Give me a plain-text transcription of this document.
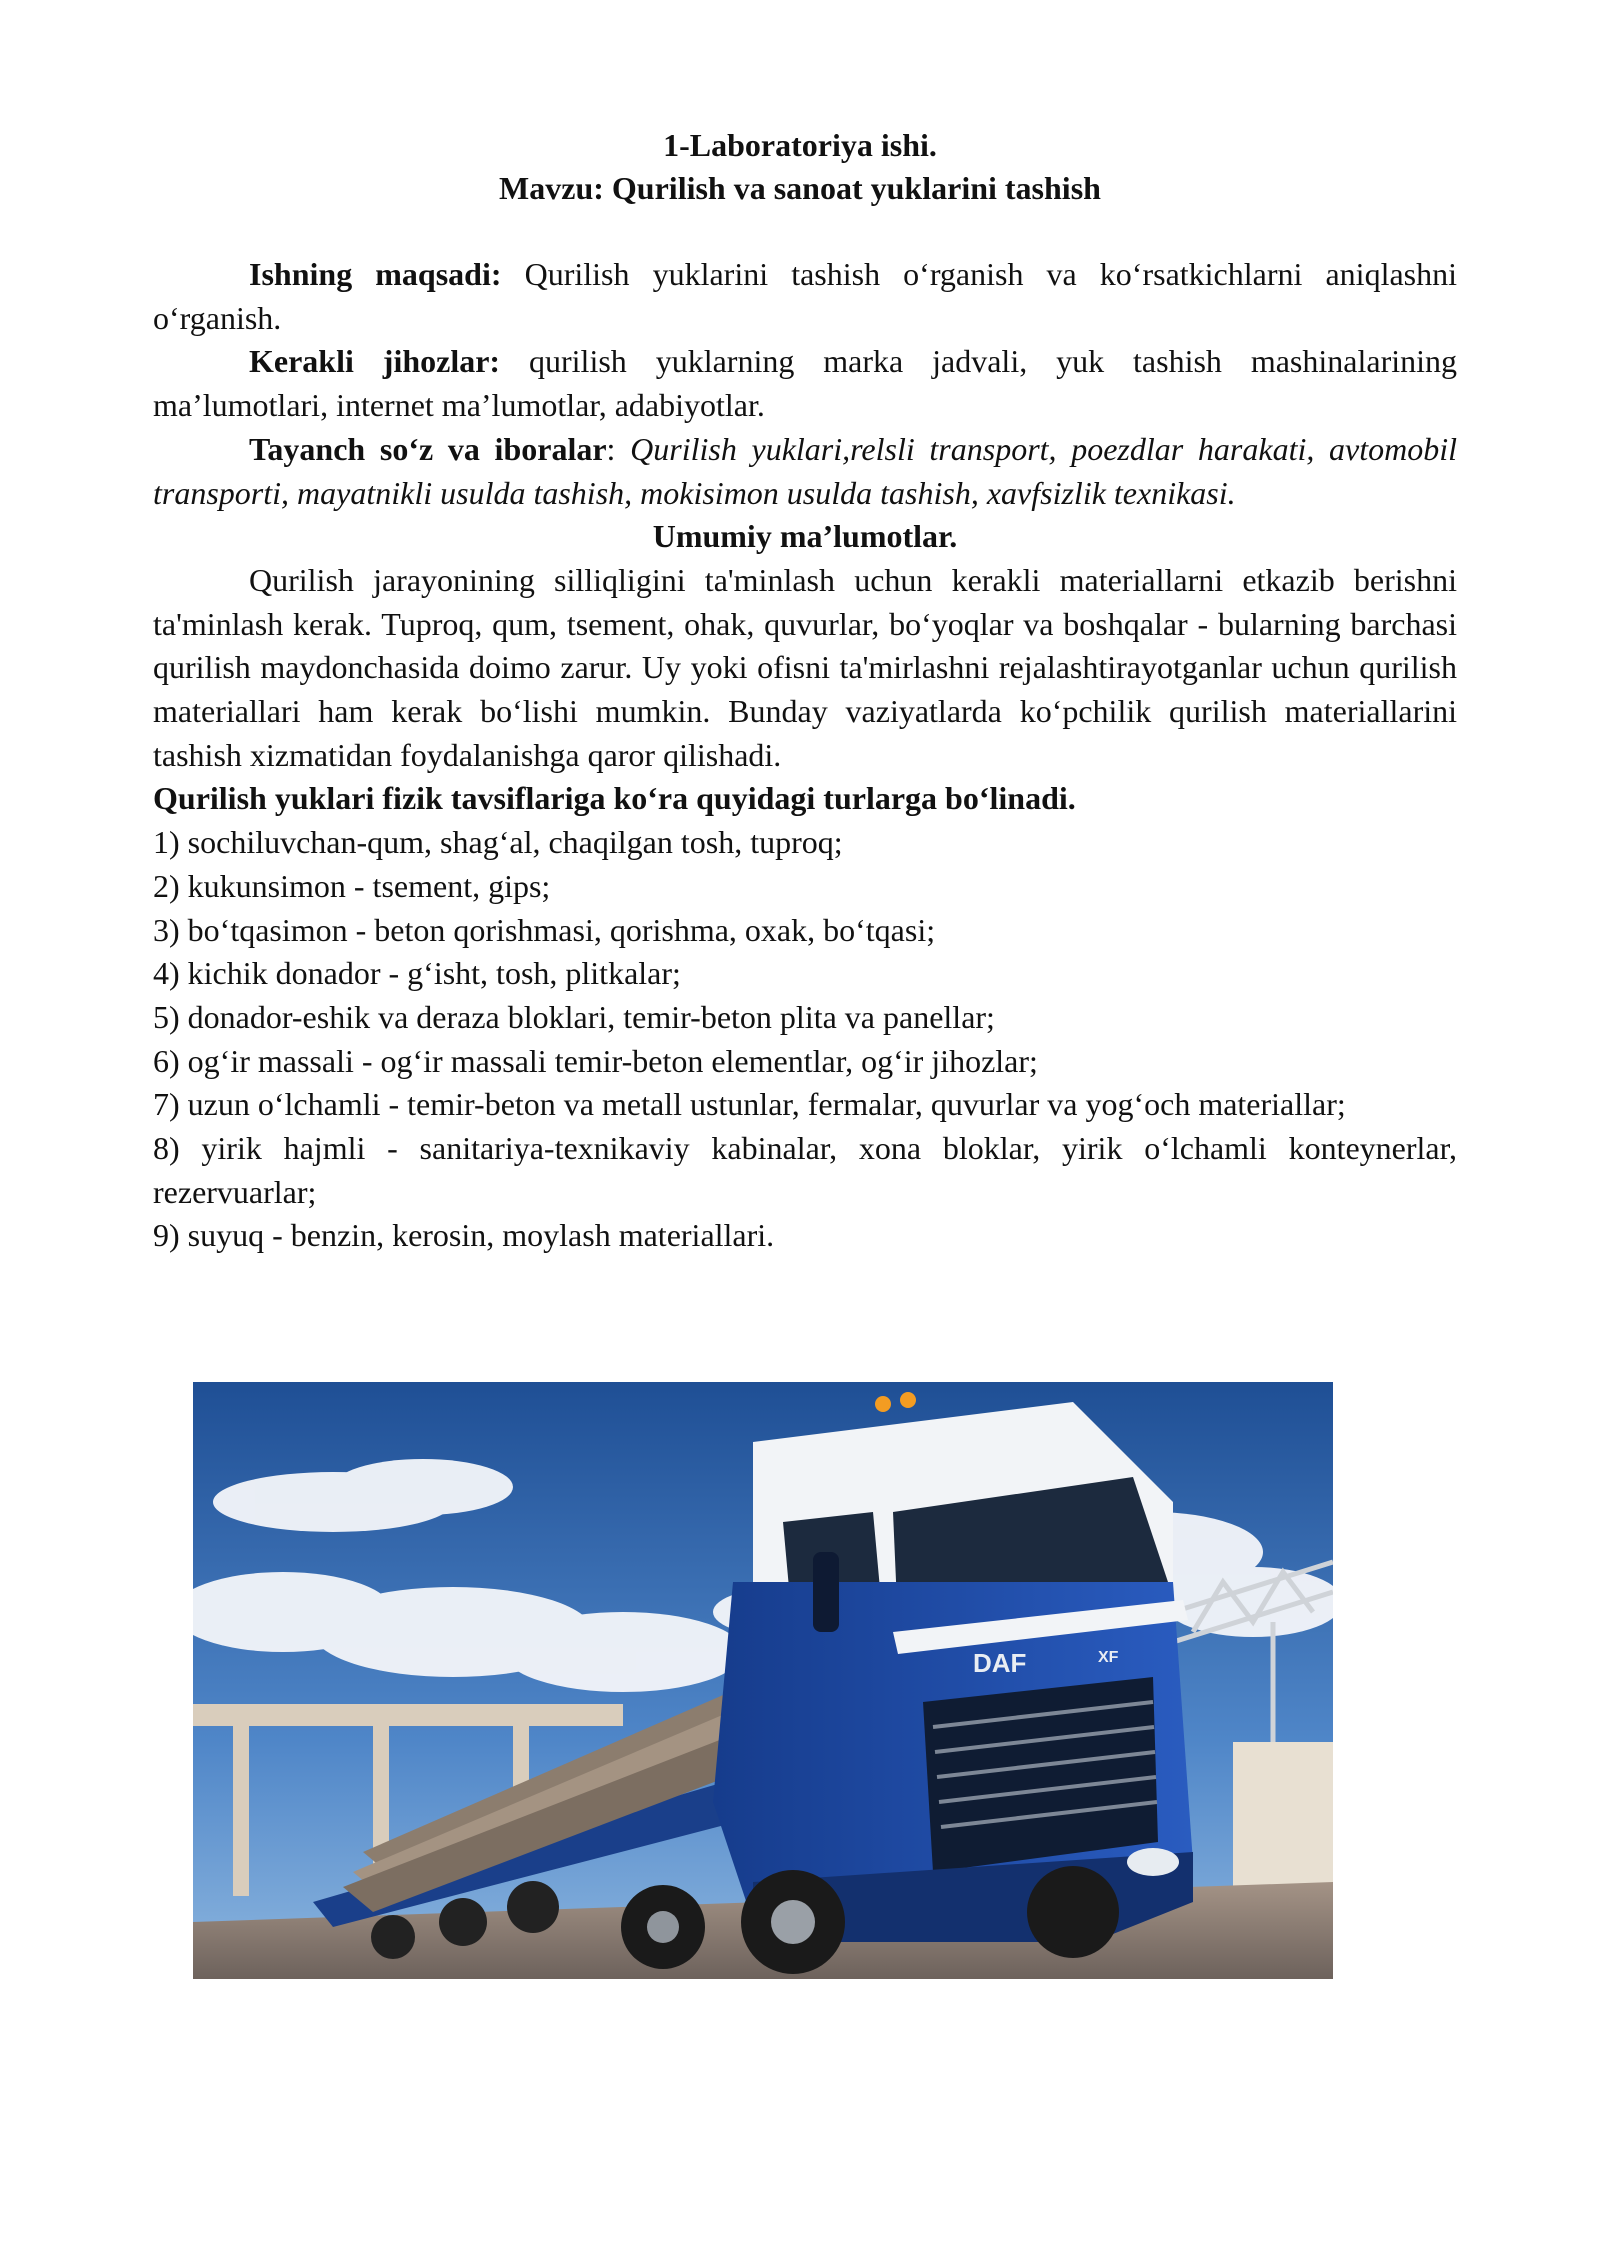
1-Laboratoriya ishi.

Mavzu: Qurilish va sanoat yuklarini tashish

Ishning maqsadi: Qurilish yuklarini tashish o‘rganish va ko‘rsatkichlarni aniqlashni o‘rganish.

Kerakli jihozlar: qurilish yuklarning marka jadvali, yuk tashish mashinalarining ma’lumotlari, internet ma’lumotlar, adabiyotlar.

Tayanch so‘z va iboralar: Qurilish yuklari,relsli transport, poezdlar harakati, avtomobil transporti, mayatnikli usulda tashish, mokisimon usulda tashish, xavfsizlik texnikasi.

Umumiy ma’lumotlar.

Qurilish jarayonining silliqligini ta'minlash uchun kerakli materiallarni etkazib berishni ta'minlash kerak. Tuproq, qum, tsement, ohak, quvurlar, bo‘yoqlar va boshqalar - bularning barchasi qurilish maydonchasida doimo zarur. Uy yoki ofisni ta'mirlashni rejalashtirayotganlar uchun qurilish materiallari ham kerak bo‘lishi mumkin. Bunday vaziyatlarda ko‘pchilik qurilish materiallarini tashish xizmatidan foydalanishga qaror qilishadi.

Qurilish yuklari fizik tavsiflariga ko‘ra quyidagi turlarga bo‘linadi.

1) sochiluvchan-qum, shag‘al, chaqilgan tosh, tuproq;

2) kukunsimon - tsement, gips;

3) bo‘tqasimon - beton qorishmasi, qorishma, oxak, bo‘tqasi;

4) kichik donador - g‘isht, tosh, plitkalar;

5) donador-eshik va deraza bloklari, temir-beton plita va panellar;

6) og‘ir massali - og‘ir massali temir-beton elementlar, og‘ir jihozlar;

7) uzun o‘lchamli - temir-beton va metall ustunlar, fermalar, quvurlar va yog‘och materiallar;

8) yirik hajmli - sanitariya-texnikaviy kabinalar, xona bloklar, yirik o‘lchamli konteynerlar, rezervuarlar;

9) suyuq - benzin, kerosin, moylash materiallari.

DAF	XF
